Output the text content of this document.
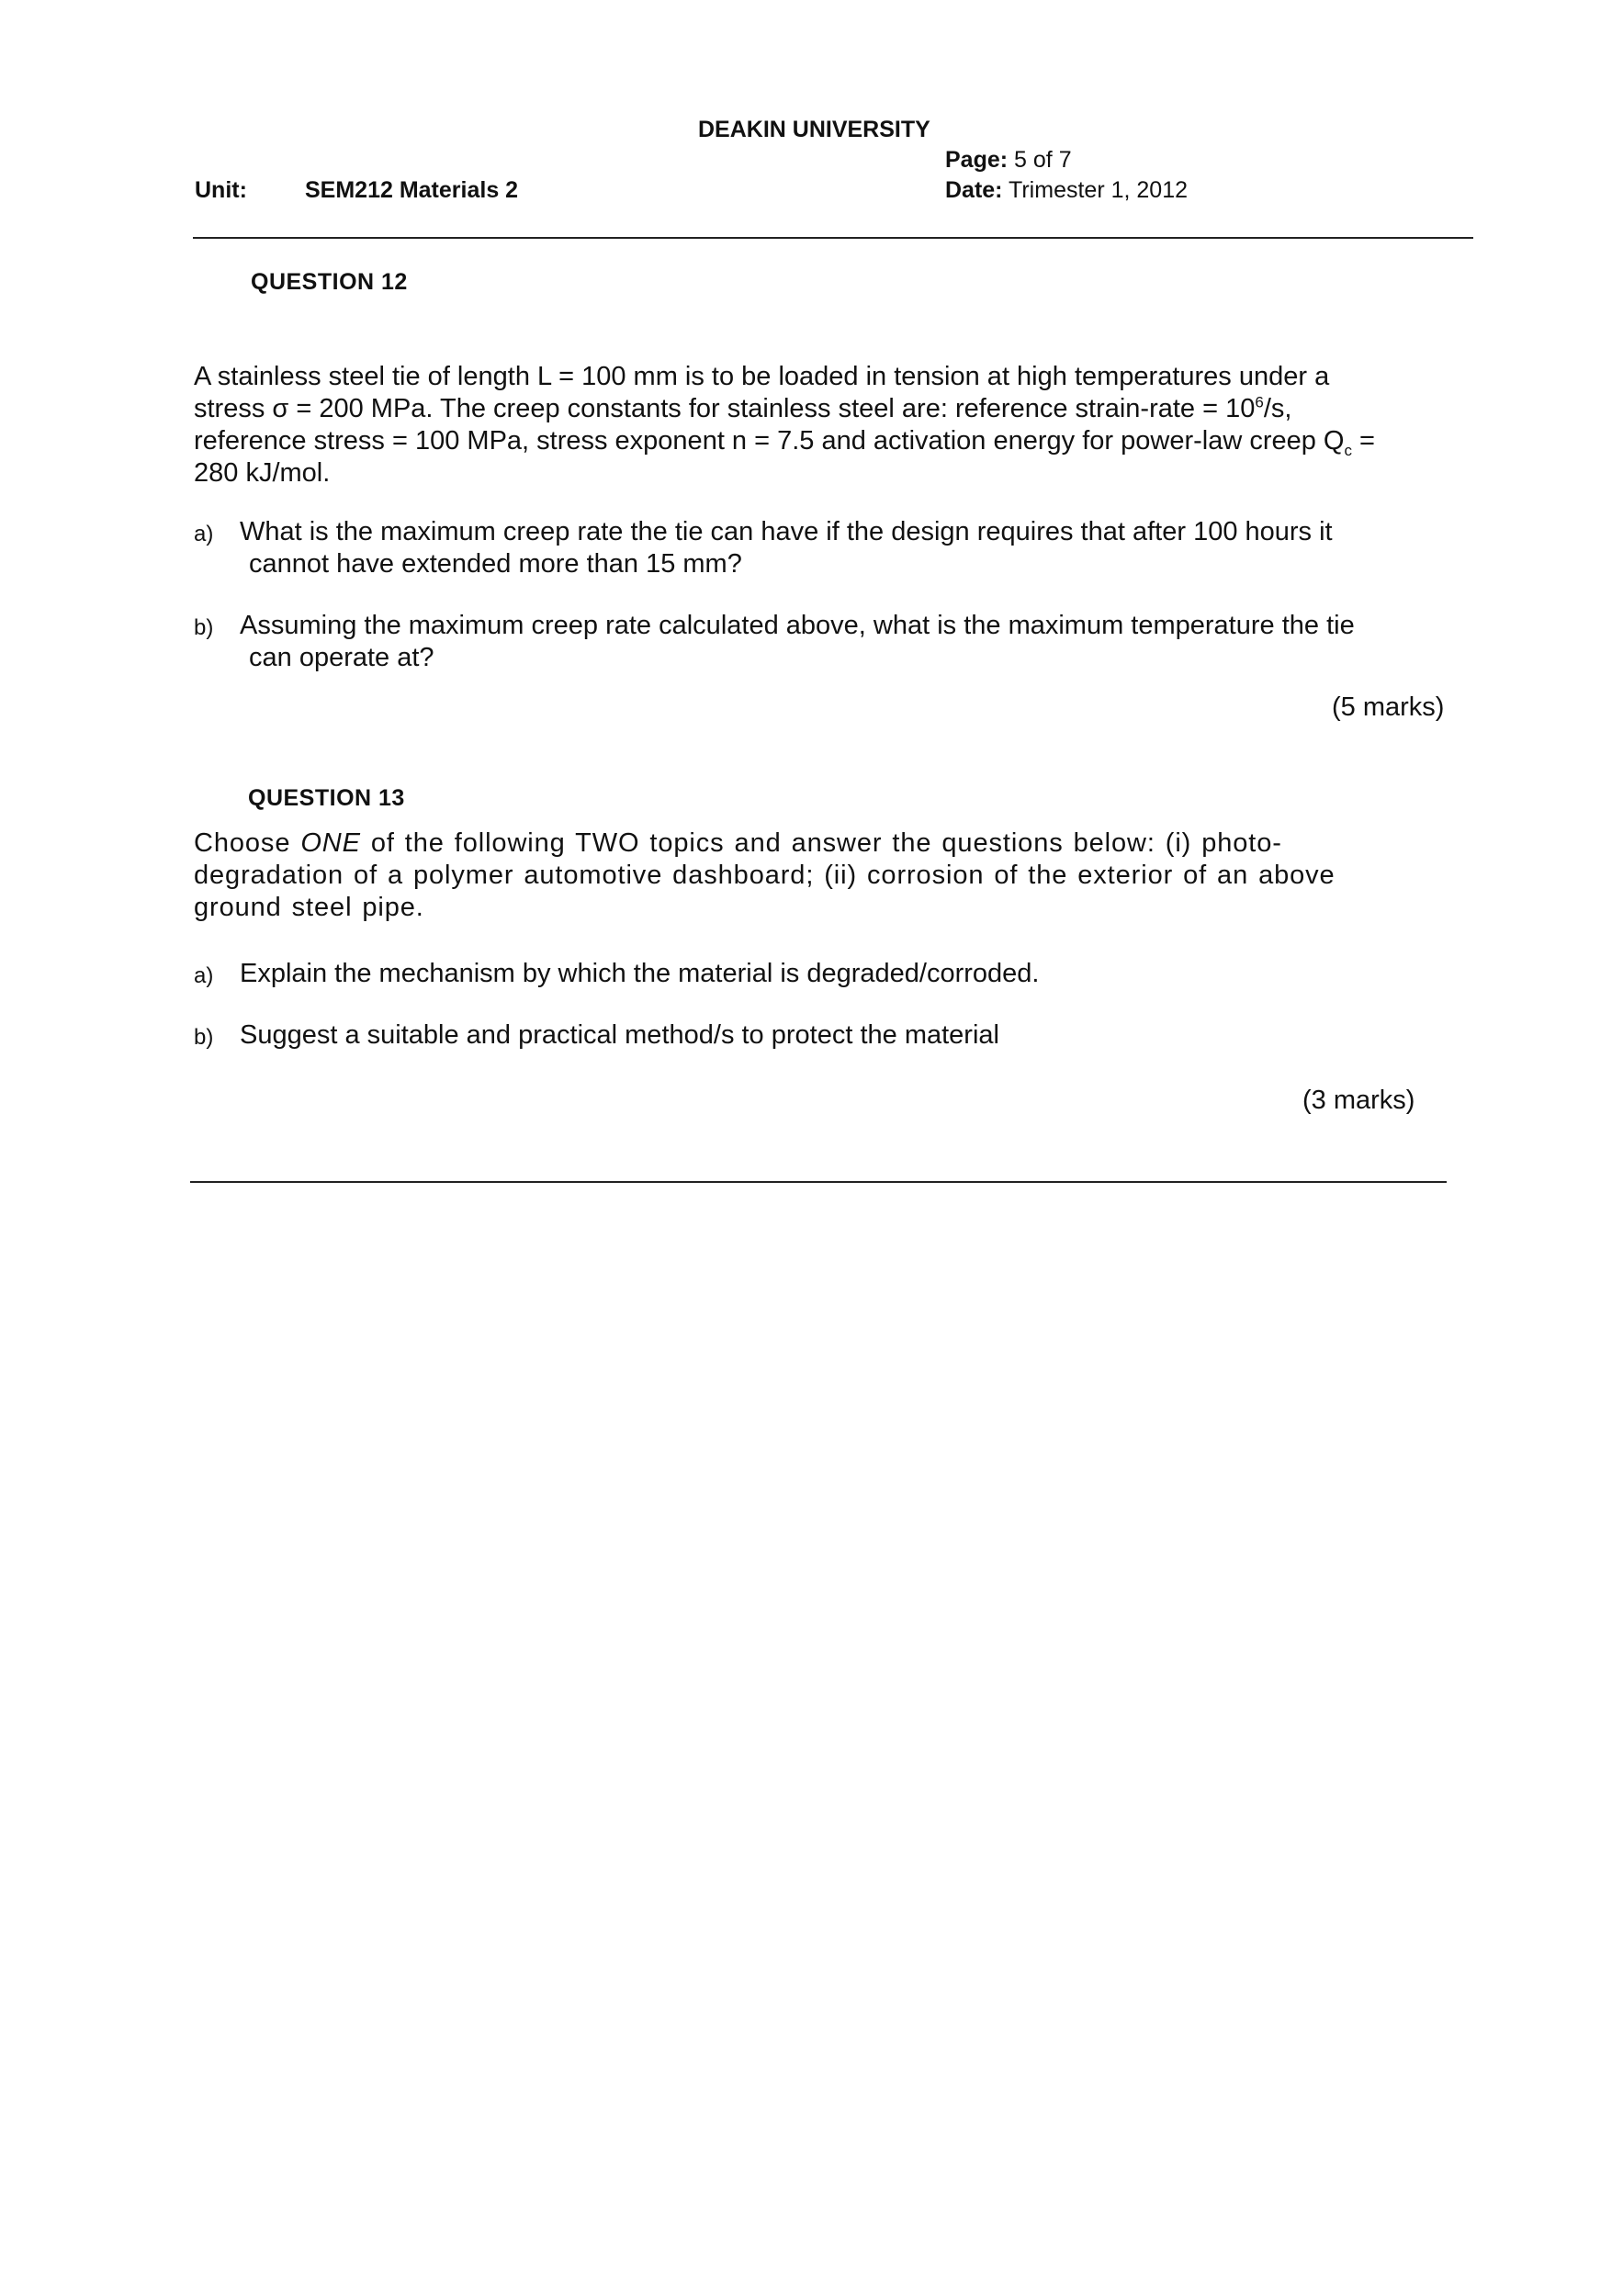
DEAKIN UNIVERSITY
Page: 5 of 7
Unit:	SEM212 Materials 2	Date: Trimester 1, 2012
QUESTION 12
A stainless steel tie of length L = 100 mm is to be loaded in tension at high temperatures under a
stress σ = 200 MPa. The creep constants for stainless steel are: reference strain-rate = $10^6/s$,
reference stress = 100 MPa, stress exponent n = 7.5 and activation energy for power-law creep $Q_c$ =
280 kJ/mol.
a) What is the maximum creep rate the tie can have if the design requires that after 100 hours it
cannot have extended more than 15 mm?
b) Assuming the maximum creep rate calculated above, what is the maximum temperature the tie
can operate at?
(5 marks)
QUESTION 13
Choose ONE of the following TWO topics and answer the questions below: (i) photo-
degradation of a polymer automotive dashboard; (ii) corrosion of the exterior of an above
ground steel pipe.
a) Explain the mechanism by which the material is degraded/corroded.
b) Suggest a suitable and practical method/s to protect the material
(3 marks)
